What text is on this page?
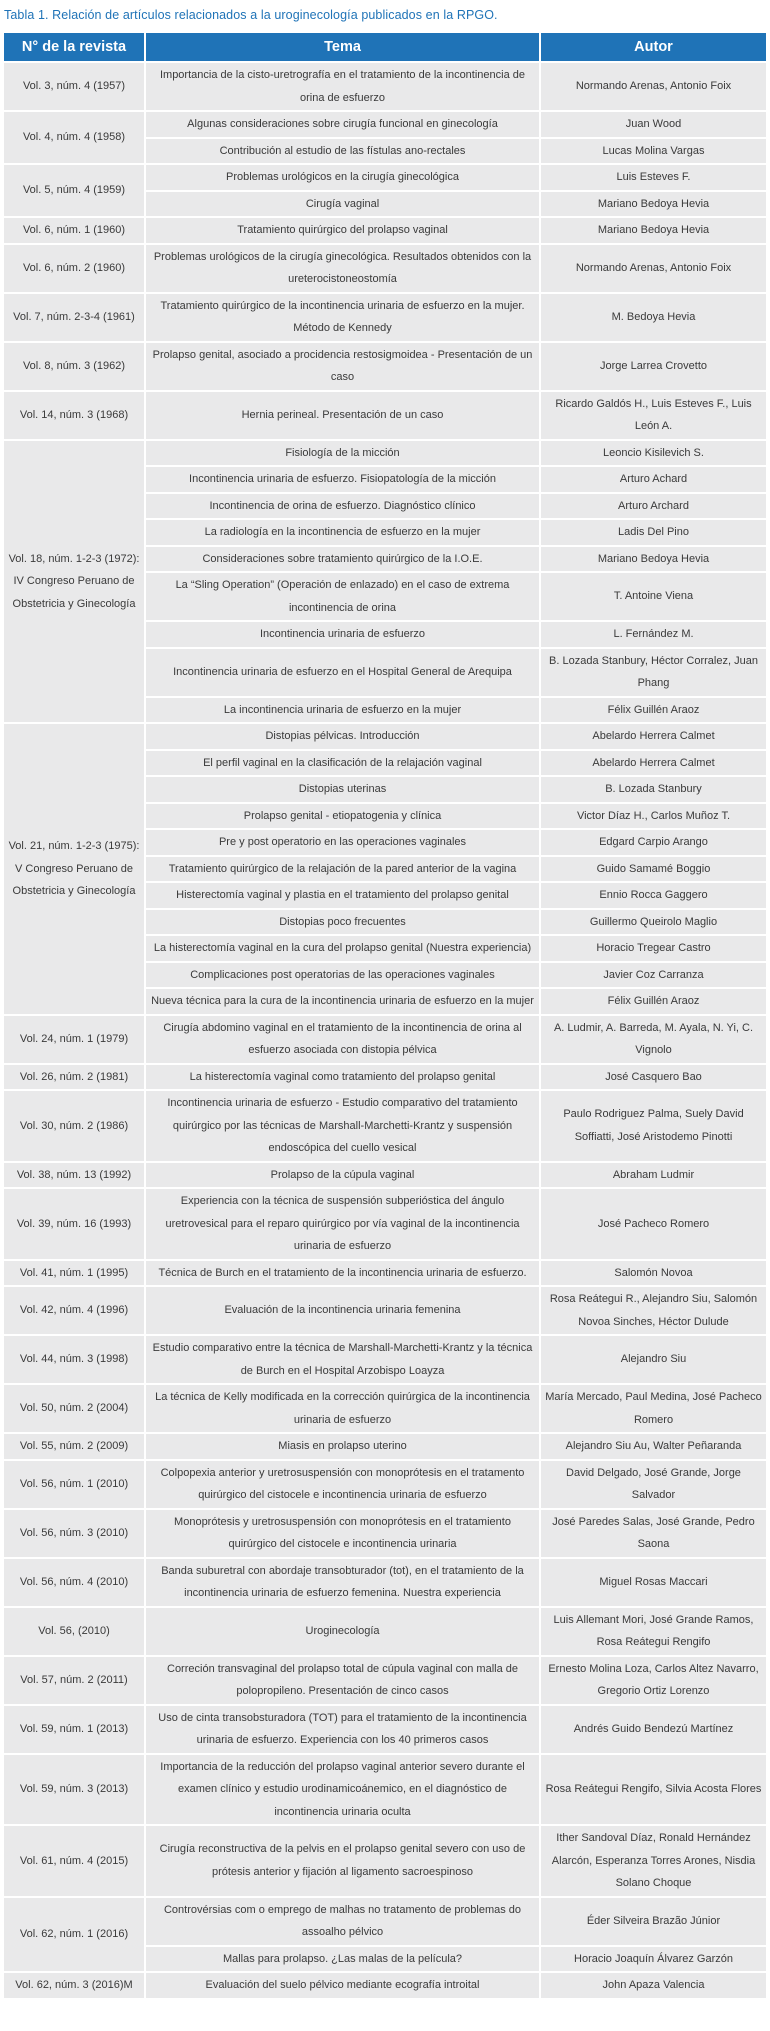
Tabla 1. Relación de artículos relacionados a la uroginecología publicados en la RPGO.
N° de la revista	Tema	Autor
Vol. 3, núm. 4 (1957)	Importancia de la cisto-uretrografía en el tratamiento de la incontinencia de orina de esfuerzo	Normando Arenas, Antonio Foix
Vol. 4, núm. 4 (1958)	Algunas consideraciones sobre cirugía funcional en ginecología	Juan Wood
	Contribución al estudio de las fístulas ano-rectales	Lucas Molina Vargas
Vol. 5, núm. 4 (1959)	Problemas urológicos en la cirugía ginecológica	Luis Esteves F.
	Cirugía vaginal	Mariano Bedoya Hevia
Vol. 6, núm. 1 (1960)	Tratamiento quirúrgico del prolapso vaginal	Mariano Bedoya Hevia
Vol. 6, núm. 2 (1960)	Problemas urológicos de la cirugía ginecológica. Resultados obtenidos con la ureterocistoneostomía	Normando Arenas, Antonio Foix
Vol. 7, núm. 2-3-4 (1961)	Tratamiento quirúrgico de la incontinencia urinaria de esfuerzo en la mujer. Método de Kennedy	M. Bedoya Hevia
Vol. 8, núm. 3 (1962)	Prolapso genital, asociado a procidencia restosigmoidea - Presentación de un caso	Jorge Larrea Crovetto
Vol. 14, núm. 3 (1968)	Hernia perineal. Presentación de un caso	Ricardo Galdós H., Luis Esteves F., Luis León A.
Vol. 18, núm. 1-2-3 (1972): IV Congreso Peruano de Obstetricia y Ginecología	Fisiología de la micción	Leoncio Kisilevich S.
	Incontinencia urinaria de esfuerzo. Fisiopatología de la micción	Arturo Achard
	Incontinencia de orina de esfuerzo. Diagnóstico clínico	Arturo Archard
	La radiología en la incontinencia de esfuerzo en la mujer	Ladis Del Pino
	Consideraciones sobre tratamiento quirúrgico de la I.O.E.	Mariano Bedoya Hevia
	La “Sling Operation” (Operación de enlazado) en el caso de extrema incontinencia de orina	T. Antoine Viena
	Incontinencia urinaria de esfuerzo	L. Fernández M.
	Incontinencia urinaria de esfuerzo en el Hospital General de Arequipa	B. Lozada Stanbury, Héctor Corralez, Juan Phang
	La incontinencia urinaria de esfuerzo en la mujer	Félix Guillén Araoz
Vol. 21, núm. 1-2-3 (1975): V Congreso Peruano de Obstetricia y Ginecología	Distopias pélvicas. Introducción	Abelardo Herrera Calmet
	El perfil vaginal en la clasificación de la relajación vaginal	Abelardo Herrera Calmet
	Distopias uterinas	B. Lozada Stanbury
	Prolapso genital - etiopatogenia y clínica	Victor Díaz H., Carlos Muñoz T.
	Pre y post operatorio en las operaciones vaginales	Edgard Carpio Arango
	Tratamiento quirúrgico de la relajación de la pared anterior de la vagina	Guido Samamé Boggio
	Histerectomía vaginal y plastia en el tratamiento del prolapso genital	Ennio Rocca Gaggero
	Distopias poco frecuentes	Guillermo Queirolo Maglio
	La histerectomía vaginal en la cura del prolapso genital (Nuestra experiencia)	Horacio Tregear Castro
	Complicaciones post operatorias de las operaciones vaginales	Javier Coz Carranza
	Nueva técnica para la cura de la incontinencia urinaria de esfuerzo en la mujer	Félix Guillén Araoz
Vol. 24, núm. 1 (1979)	Cirugía abdomino vaginal en el tratamiento de la incontinencia de orina al esfuerzo asociada con distopia pélvica	A. Ludmir, A. Barreda, M. Ayala, N. Yi, C. Vignolo
Vol. 26, núm. 2 (1981)	La histerectomía vaginal como tratamiento del prolapso genital	José Casquero Bao
Vol. 30, núm. 2 (1986)	Incontinencia urinaria de esfuerzo - Estudio comparativo del tratamiento quirúrgico por las técnicas de Marshall-Marchetti-Krantz y suspensión endoscópica del cuello vesical	Paulo Rodriguez Palma, Suely David Soffiatti, José Aristodemo Pinotti
Vol. 38, núm. 13 (1992)	Prolapso de la cúpula vaginal	Abraham Ludmir
Vol. 39, núm. 16 (1993)	Experiencia con la técnica de suspensión subperióstica del ángulo uretrovesical para el reparo quirúrgico por vía vaginal de la incontinencia urinaria de esfuerzo	José Pacheco Romero
Vol. 41, núm. 1 (1995)	Técnica de Burch en el tratamiento de la incontinencia urinaria de esfuerzo.	Salomón Novoa
Vol. 42, núm. 4 (1996)	Evaluación de la incontinencia urinaria femenina	Rosa Reátegui R., Alejandro Siu, Salomón Novoa Sinches, Héctor Dulude
Vol. 44, núm. 3 (1998)	Estudio comparativo entre la técnica de Marshall-Marchetti-Krantz y la técnica de Burch en el Hospital Arzobispo Loayza	Alejandro Siu
Vol. 50, núm. 2 (2004)	La técnica de Kelly modificada en la corrección quirúrgica de la incontinencia urinaria de esfuerzo	María Mercado, Paul Medina, José Pacheco Romero
Vol. 55, núm. 2 (2009)	Miasis en prolapso uterino	Alejandro Siu Au, Walter Peñaranda
Vol. 56, núm. 1 (2010)	Colpopexia anterior y uretrosuspensión con monoprótesis en el tratamento quirúrgico del cistocele e incontinencia urinaria de esfuerzo	David Delgado, José Grande, Jorge Salvador
Vol. 56, núm. 3 (2010)	Monoprótesis y uretrosuspensión con monoprótesis en el tratamiento quirúrgico del cistocele e incontinencia urinaria	José Paredes Salas, José Grande, Pedro Saona
Vol. 56, núm. 4 (2010)	Banda suburetral con abordaje transobturador (tot), en el tratamiento de la incontinencia urinaria de esfuerzo femenina. Nuestra experiencia	Miguel Rosas Maccari
Vol. 56, (2010)	Uroginecología	Luis Allemant Mori, José Grande Ramos, Rosa Reátegui Rengifo
Vol. 57, núm. 2 (2011)	Correción transvaginal del prolapso total de cúpula vaginal con malla de polopropileno. Presentación de cinco casos	Ernesto Molina Loza, Carlos Altez Navarro, Gregorio Ortiz Lorenzo
Vol. 59, núm. 1 (2013)	Uso de cinta transobsturadora (TOT) para el tratamiento de la incontinencia urinaria de esfuerzo. Experiencia con los 40 primeros casos	Andrés Guido Bendezú Martínez
Vol. 59, núm. 3 (2013)	Importancia de la reducción del prolapso vaginal anterior severo durante el examen clínico y estudio urodinamicoánemico, en el diagnóstico de incontinencia urinaria oculta	Rosa Reátegui Rengifo, Silvia Acosta Flores
Vol. 61, núm. 4 (2015)	Cirugía reconstructiva de la pelvis en el prolapso genital severo con uso de prótesis anterior y fijación al ligamento sacroespinoso	Ither Sandoval Díaz, Ronald Hernández Alarcón, Esperanza Torres Arones, Nisdia Solano Choque
Vol. 62, núm. 1 (2016)	Controvérsias com o emprego de malhas no tratamento de problemas do assoalho pélvico	Éder Silveira Brazão Júnior
	Mallas para prolapso. ¿Las malas de la película?	Horacio Joaquín Álvarez Garzón
Vol. 62, núm. 3 (2016)M	Evaluación del suelo pélvico mediante ecografía introital	John Apaza Valencia
